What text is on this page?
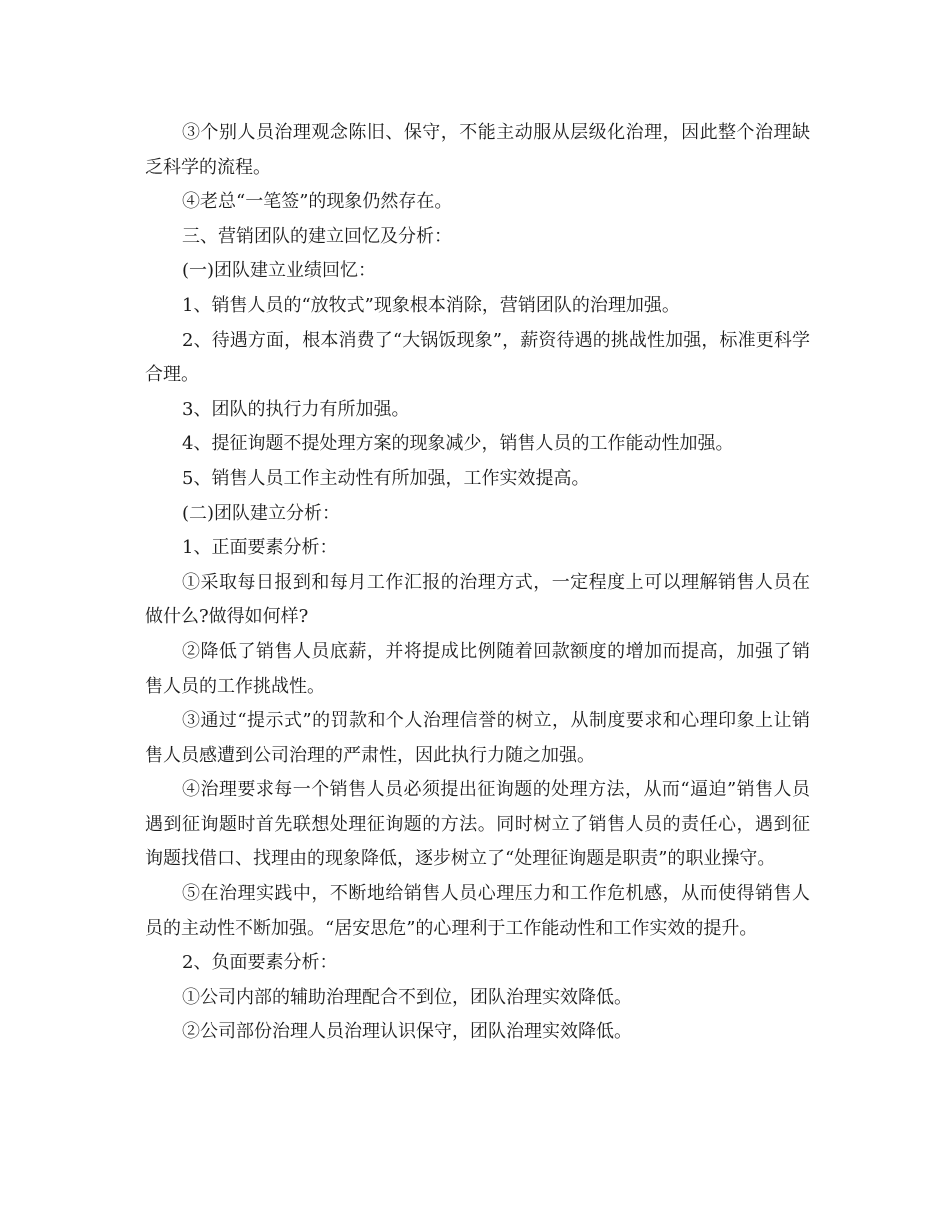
③个别人员治理观念陈旧、保守，不能主动服从层级化治理，因此整个治理缺乏科学的流程。

④老总“一笔签”的现象仍然存在。

三、营销团队的建立回忆及分析：

(一)团队建立业绩回忆：

1、销售人员的“放牧式”现象根本消除，营销团队的治理加强。

2、待遇方面，根本消费了“大锅饭现象”，薪资待遇的挑战性加强，标准更科学合理。

3、团队的执行力有所加强。

4、提征询题不提处理方案的现象减少，销售人员的工作能动性加强。

5、销售人员工作主动性有所加强，工作实效提高。

(二)团队建立分析：

1、正面要素分析：

①采取每日报到和每月工作汇报的治理方式，一定程度上可以理解销售人员在做什么?做得如何样?

②降低了销售人员底薪，并将提成比例随着回款额度的增加而提高，加强了销售人员的工作挑战性。

③通过“提示式”的罚款和个人治理信誉的树立，从制度要求和心理印象上让销售人员感遭到公司治理的严肃性，因此执行力随之加强。

④治理要求每一个销售人员必须提出征询题的处理方法，从而“逼迫”销售人员遇到征询题时首先联想处理征询题的方法。同时树立了销售人员的责任心，遇到征询题找借口、找理由的现象降低，逐步树立了“处理征询题是职责”的职业操守。

⑤在治理实践中，不断地给销售人员心理压力和工作危机感，从而使得销售人员的主动性不断加强。“居安思危”的心理利于工作能动性和工作实效的提升。

2、负面要素分析：

①公司内部的辅助治理配合不到位，团队治理实效降低。

②公司部份治理人员治理认识保守，团队治理实效降低。
